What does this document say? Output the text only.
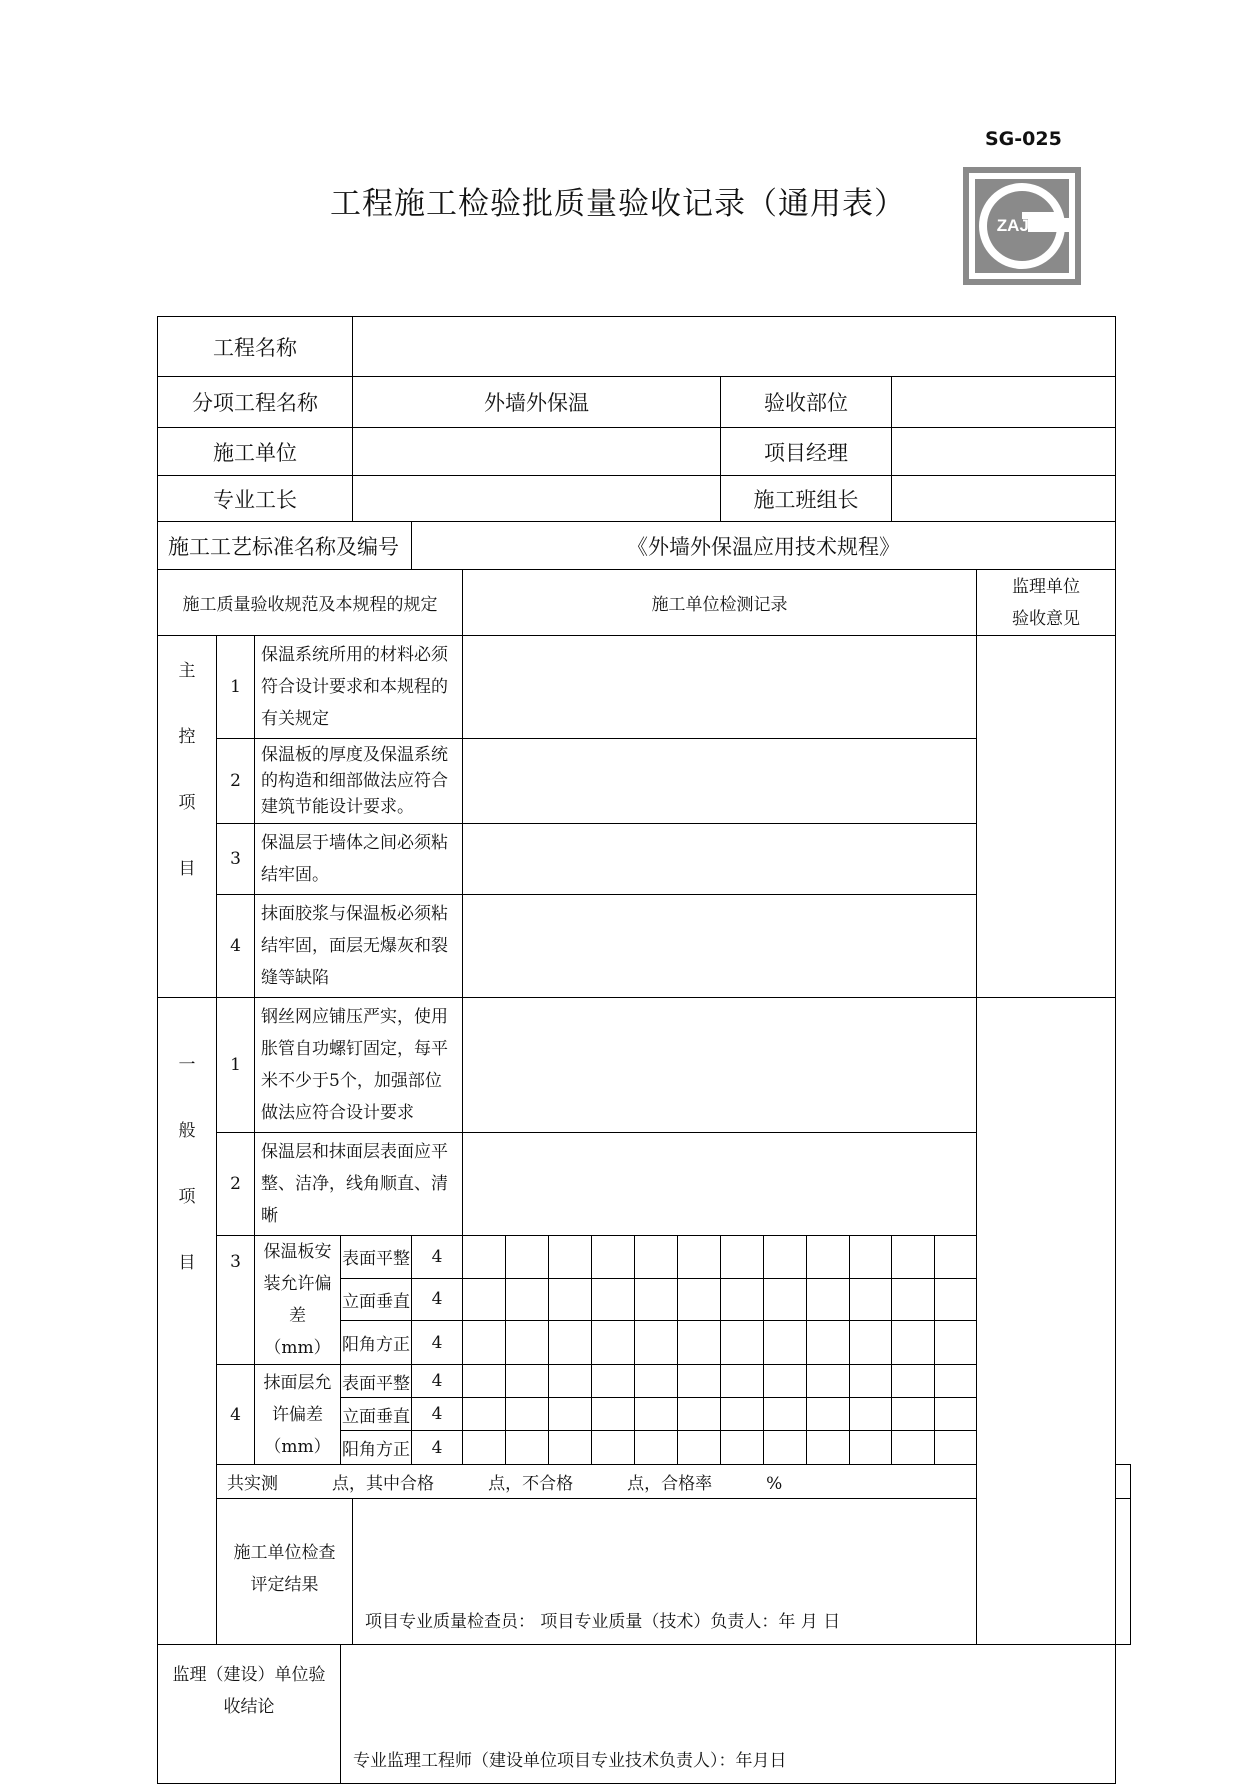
SG-025
工程施工检验批质量验收记录（通用表）
ZAJD
工程名称																		
分项工程名称				外墙外保温								验收部位						
施工单位												项目经理						
专业工长												施工班组长						
施工工艺标准名称及编号					《外墙外保温应用技术规程》													
施工质量验收规范及本规程的规定						施工单位检测记录												监理单位
验收意见

主
控
项
目	1	保温系统所用的材料必须符合设计要求和本规程的有关规定																
	2	保温板的厚度及保温系统的构造和细部做法应符合建筑节能设计要求。																
	3	保温层于墙体之间必须粘结牢固。																
	4	抹面胶浆与保温板必须粘结牢固，面层无爆灰和裂缝等缺陷																

一
般
项
目	1	钢丝网应铺压严实，使用胀管自功螺钉固定，每平米不少于5个，加强部位做法应符合设计要求																
	2	保温层和抹面层表面应平整、洁净，线角顺直、清晰																
	3	保温板安装允许偏差（mm）	表面平整		4													
			立面垂直		4													
			阳角方正		4													
	4	抹面层允许偏差（mm）	表面平整		4													
			立面垂直		4													
			阳角方正		4													
	共实测          点，其中合格          点，不合格          点，合格率          %																	
	施工单位检查评定结果			项目专业质量检查员： 项目专业质量（技术）负责人：年 月 日														

监理（建设）单位验收结论			专业监理工程师（建设单位项目专业技术负责人）：年月日															
